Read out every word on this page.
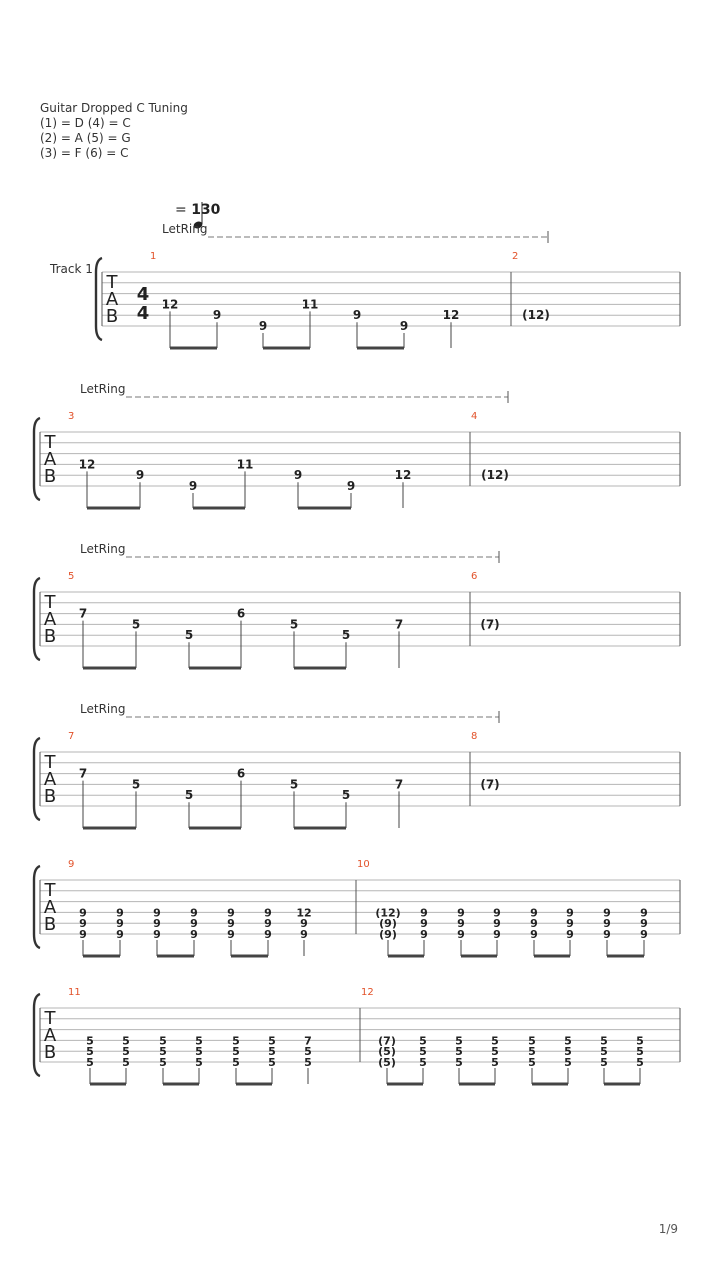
Guitar Dropped C Tuning
(1) = D (4) = C
(2) = A (5) = G
(3) = F (6) = C
= 130
Track 1
T
A
B
4
4
1	2
LetRing
12
9
9
11
9
9
12	(12)
T
A
B
3	4
LetRing
12
9
9
11
9
9
12	(12)
T
A
B
5	6
LetRing
7
5
5
6
5
5
7	(7)
T
A
B
7	8
LetRing
7
5
5
6
5
5
7	(7)
T
A
B
9	10
9
9
9
9
9
9
9
9
9
9
9
9
9
9
9
9
9
9
12
9
9
(12)
(9)
(9)
9
9
9
9
9
9
9
9
9
9
9
9
9
9
9
9
9
9
9
9
9
T
A
B
11	12
5
5
5
5
5
5
5
5
5
5
5
5
5
5
5
5
5
5
7
5
5
(7)
(5)
(5)
5
5
5
5
5
5
5
5
5
5
5
5
5
5
5
5
5
5
5
5
5
1/9
